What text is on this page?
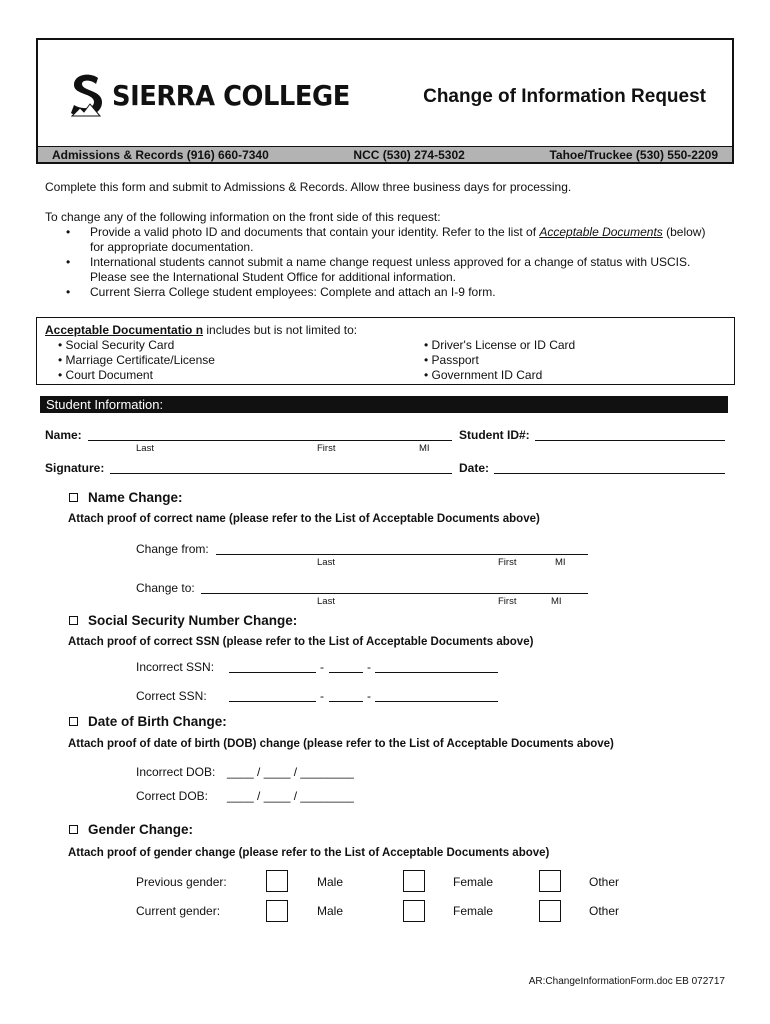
SIERRA COLLEGE	Change of Information Request
Admissions & Records (916) 660-7340	NCC (530) 274-5302	Tahoe/Truckee (530) 550-2209
Complete this form and submit to Admissions & Records. Allow three business days for processing.
To change any of the following information on the front side of this request:
• Provide a valid photo ID and documents that contain your identity. Refer to the list of Acceptable Documents (below)
for appropriate documentation.
• International students cannot submit a name change request unless approved for a change of status with USCIS.
Please see the International Student Office for additional information.
• Current Sierra College student employees: Complete and attach an I-9 form.
Acceptable Documentatio n includes but is not limited to:
• Social Security Card
• Marriage Certificate/License
• Court Document
• Driver's License or ID Card
• Passport
• Government ID Card
Student Information:
Name:
Last	First	MI
Student ID#:
Signature:	Date:
Name Change:
Attach proof of correct name (please refer to the List of Acceptable Documents above)
Change from:
Last	First	MI
Change to:
Last	First	MI
Social Security Number Change:
Attach proof of correct SSN (please refer to the List of Acceptable Documents above)
Incorrect SSN:	-	-
Correct SSN:	-	-
Date of Birth Change:
Attach proof of date of birth (DOB) change (please refer to the List of Acceptable Documents above)
Incorrect DOB: ____ / ____ / ________
Correct DOB: ____ / ____ / ________
Gender Change:
Attach proof of gender change (please refer to the List of Acceptable Documents above)
Previous gender:	Male	Female	Other
Current gender:	Male	Female	Other
AR:ChangeInformationForm.doc EB 072717
